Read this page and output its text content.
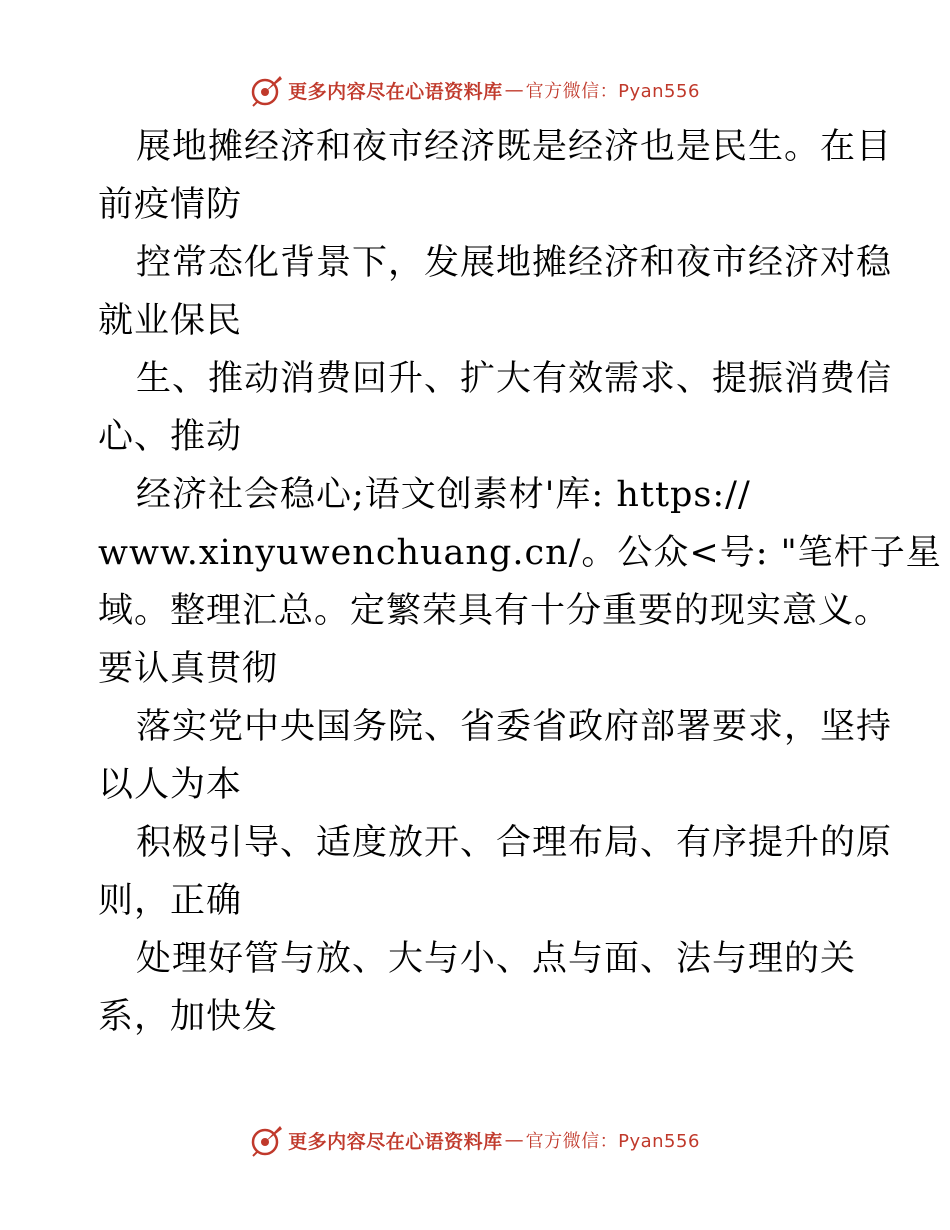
更多内容尽在心语资料库 — 官方微信：Pyan556
展地摊经济和夜市经济既是经济也是民生。在目
前疫情防
控常态化背景下，发展地摊经济和夜市经济对稳
就业保民
生、推动消费回升、扩大有效需求、提振消费信
心、推动
经济社会稳心;语文创素材'库: https://
www.xinyuwenchuang.cn/。公众<号: "笔杆子星
域。整理汇总。定繁荣具有十分重要的现实意义。
要认真贯彻
落实党中央国务院、省委省政府部署要求，坚持
以人为本
积极引导、适度放开、合理布局、有序提升的原
则，正确
处理好管与放、大与小、点与面、法与理的关
系，加快发
更多内容尽在心语资料库 — 官方微信：Pyan556
